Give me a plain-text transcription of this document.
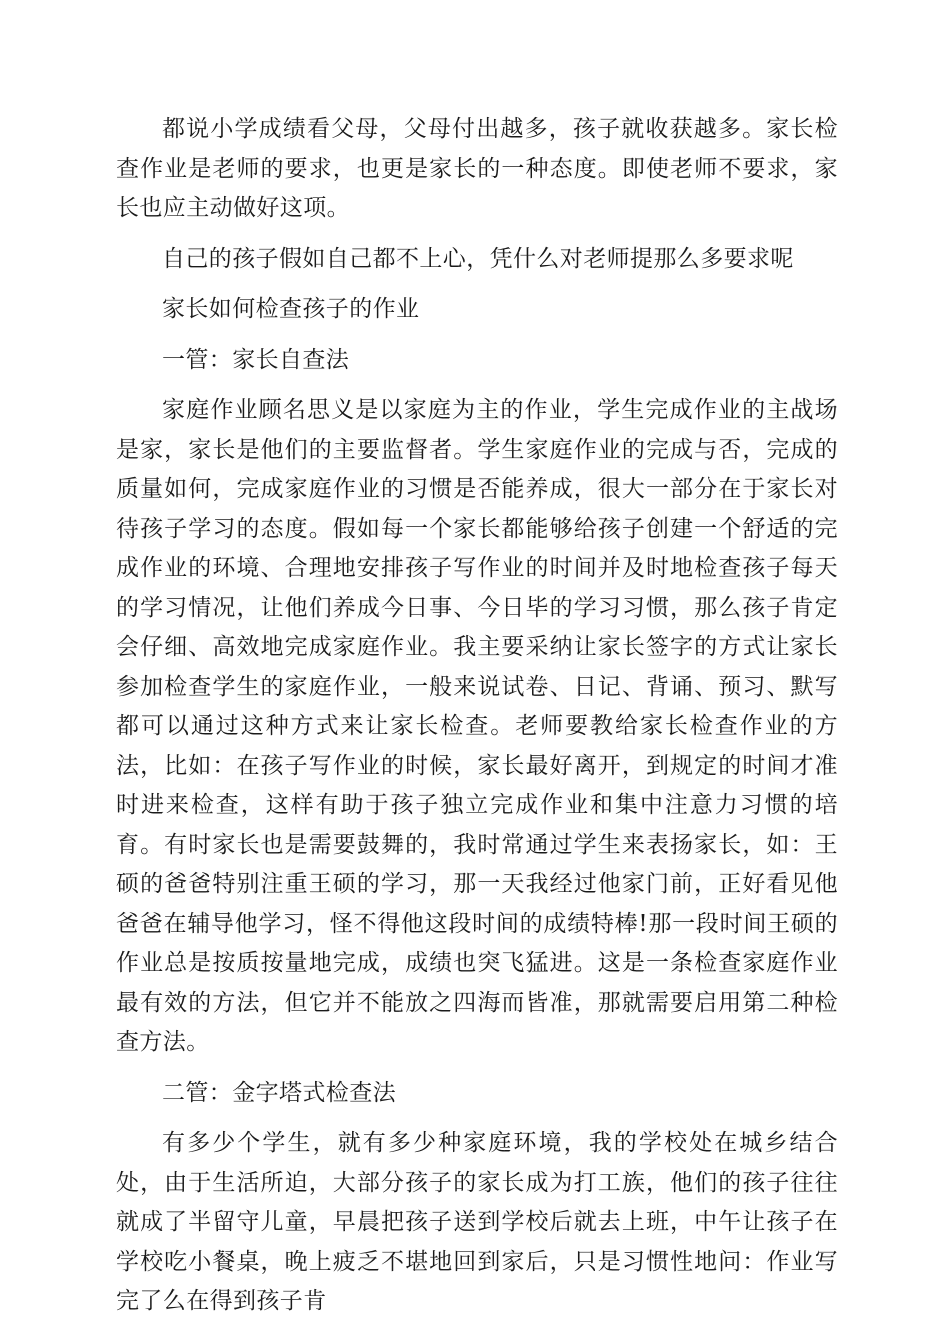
都说小学成绩看父母，父母付出越多，孩子就收获越多。家长检查作业是老师的要求，也更是家长的一种态度。即使老师不要求，家长也应主动做好这项。

自己的孩子假如自己都不上心，凭什么对老师提那么多要求呢

家长如何检查孩子的作业

一管：家长自查法

家庭作业顾名思义是以家庭为主的作业，学生完成作业的主战场是家，家长是他们的主要监督者。学生家庭作业的完成与否，完成的质量如何，完成家庭作业的习惯是否能养成，很大一部分在于家长对待孩子学习的态度。假如每一个家长都能够给孩子创建一个舒适的完成作业的环境、合理地安排孩子写作业的时间并及时地检查孩子每天的学习情况，让他们养成今日事、今日毕的学习习惯，那么孩子肯定会仔细、高效地完成家庭作业。我主要采纳让家长签字的方式让家长参加检查学生的家庭作业，一般来说试卷、日记、背诵、预习、默写都可以通过这种方式来让家长检查。老师要教给家长检查作业的方法，比如：在孩子写作业的时候，家长最好离开，到规定的时间才准时进来检查，这样有助于孩子独立完成作业和集中注意力习惯的培育。有时家长也是需要鼓舞的，我时常通过学生来表扬家长，如：王硕的爸爸特别注重王硕的学习，那一天我经过他家门前，正好看见他爸爸在辅导他学习，怪不得他这段时间的成绩特棒!那一段时间王硕的作业总是按质按量地完成，成绩也突飞猛进。这是一条检查家庭作业最有效的方法，但它并不能放之四海而皆准，那就需要启用第二种检查方法。

二管：金字塔式检查法

有多少个学生，就有多少种家庭环境，我的学校处在城乡结合处，由于生活所迫，大部分孩子的家长成为打工族，他们的孩子往往就成了半留守儿童，早晨把孩子送到学校后就去上班，中午让孩子在学校吃小餐桌，晚上疲乏不堪地回到家后，只是习惯性地问：作业写完了么在得到孩子肯
